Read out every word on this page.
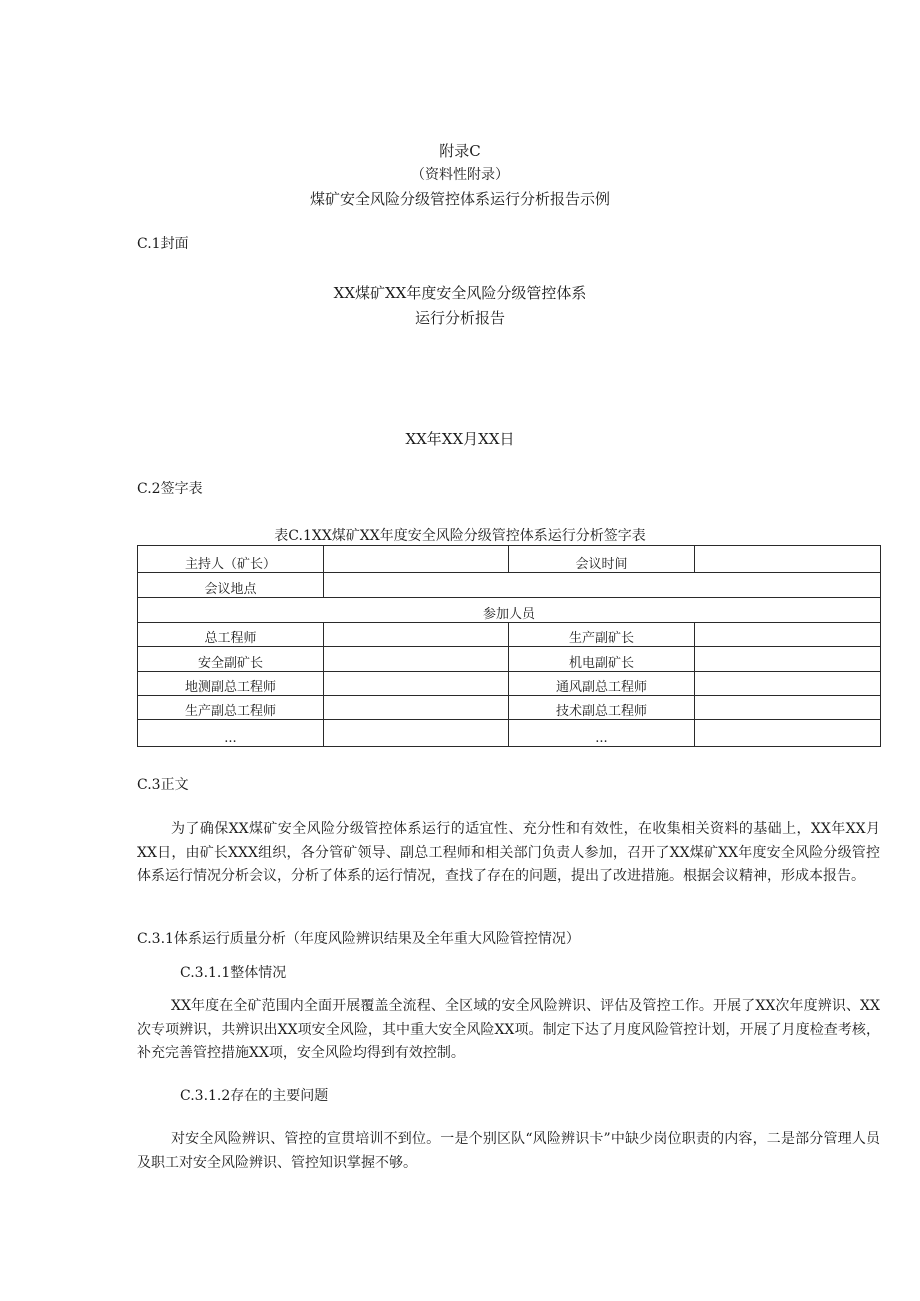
附录C
（资料性附录）
煤矿安全风险分级管控体系运行分析报告示例
C.1封面
XX煤矿XX年度安全风险分级管控体系
运行分析报告
XX年XX月XX日
C.2签字表
表C.1XX煤矿XX年度安全风险分级管控体系运行分析签字表
主持人（矿长）		会议时间	
会议地点			
参加人员			
总工程师		生产副矿长	
安全副矿长		机电副矿长	
地测副总工程师		通风副总工程师	
生产副总工程师		技术副总工程师	
...		...	
C.3正文
为了确保XX煤矿安全风险分级管控体系运行的适宜性、充分性和有效性，在收集相关资料的基础上，XX年XX月XX日，由矿长XXX组织，各分管矿领导、副总工程师和相关部门负责人参加，召开了XX煤矿XX年度安全风险分级管控体系运行情况分析会议，分析了体系的运行情况，查找了存在的问题，提出了改进措施。根据会议精神，形成本报告。
C.3.1体系运行质量分析（年度风险辨识结果及全年重大风险管控情况）
C.3.1.1整体情况
XX年度在全矿范围内全面开展覆盖全流程、全区域的安全风险辨识、评估及管控工作。开展了XX次年度辨识、XX次专项辨识，共辨识出XX项安全风险，其中重大安全风险XX项。制定下达了月度风险管控计划，开展了月度检查考核，补充完善管控措施XX项，安全风险均得到有效控制。
C.3.1.2存在的主要问题
对安全风险辨识、管控的宣贯培训不到位。一是个别区队“风险辨识卡”中缺少岗位职责的内容，二是部分管理人员及职工对安全风险辨识、管控知识掌握不够。
